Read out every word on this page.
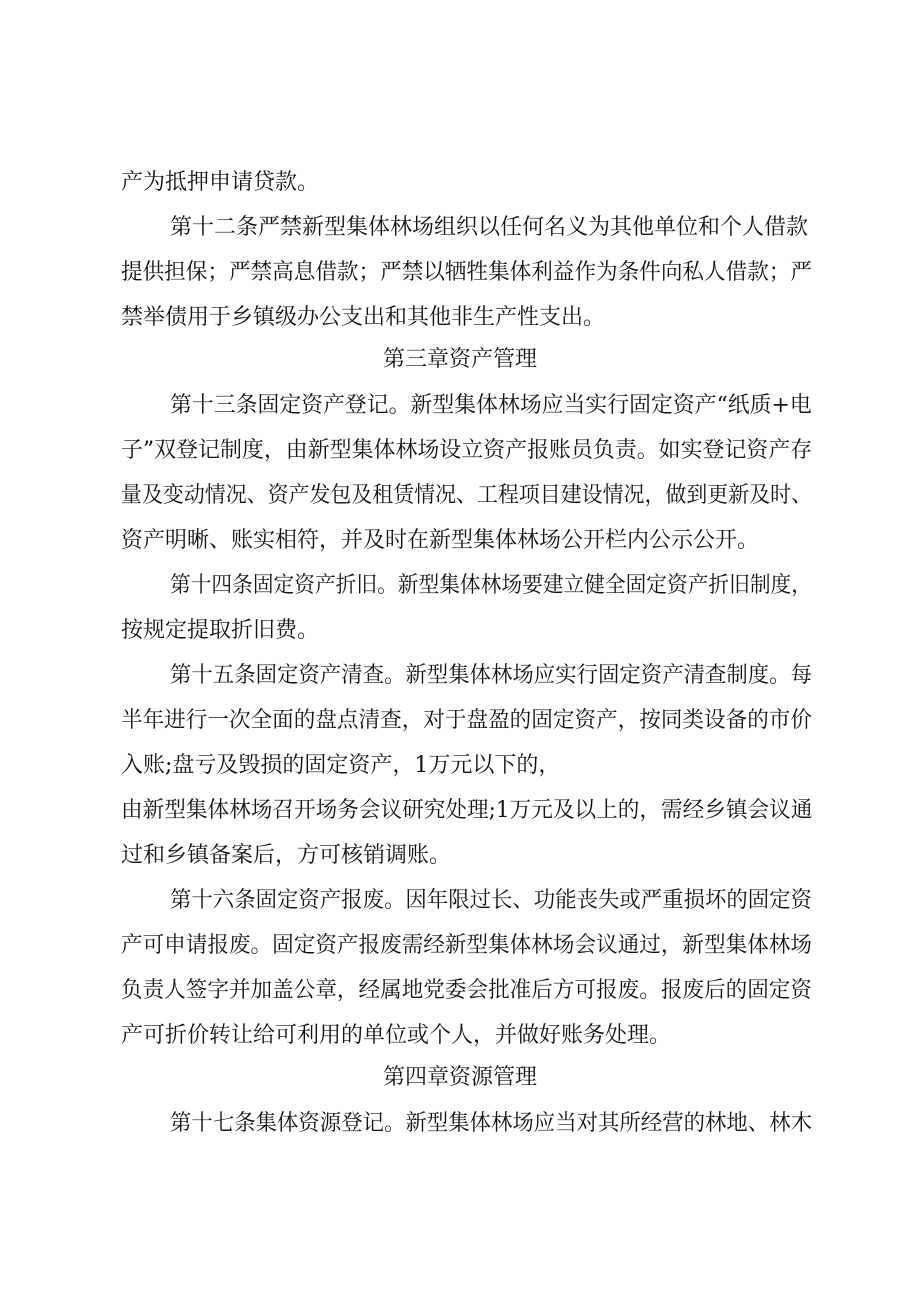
产为抵押申请贷款。
第十二条严禁新型集体林场组织以任何名义为其他单位和个人借款
提供担保；严禁高息借款；严禁以牺牲集体利益作为条件向私人借款；严
禁举债用于乡镇级办公支出和其他非生产性支出。
第三章资产管理
第十三条固定资产登记。新型集体林场应当实行固定资产“纸质+电
子”双登记制度，由新型集体林场设立资产报账员负责。如实登记资产存
量及变动情况、资产发包及租赁情况、工程项目建设情况，做到更新及时、
资产明晰、账实相符，并及时在新型集体林场公开栏内公示公开。
第十四条固定资产折旧。新型集体林场要建立健全固定资产折旧制度，
按规定提取折旧费。
第十五条固定资产清查。新型集体林场应实行固定资产清查制度。每
半年进行一次全面的盘点清查，对于盘盈的固定资产，按同类设备的市价
入账;盘亏及毁损的固定资产，1万元以下的，
由新型集体林场召开场务会议研究处理;1万元及以上的，需经乡镇会议通
过和乡镇备案后，方可核销调账。
第十六条固定资产报废。因年限过长、功能丧失或严重损坏的固定资
产可申请报废。固定资产报废需经新型集体林场会议通过，新型集体林场
负责人签字并加盖公章，经属地党委会批准后方可报废。报废后的固定资
产可折价转让给可利用的单位或个人，并做好账务处理。
第四章资源管理
第十七条集体资源登记。新型集体林场应当对其所经营的林地、林木
